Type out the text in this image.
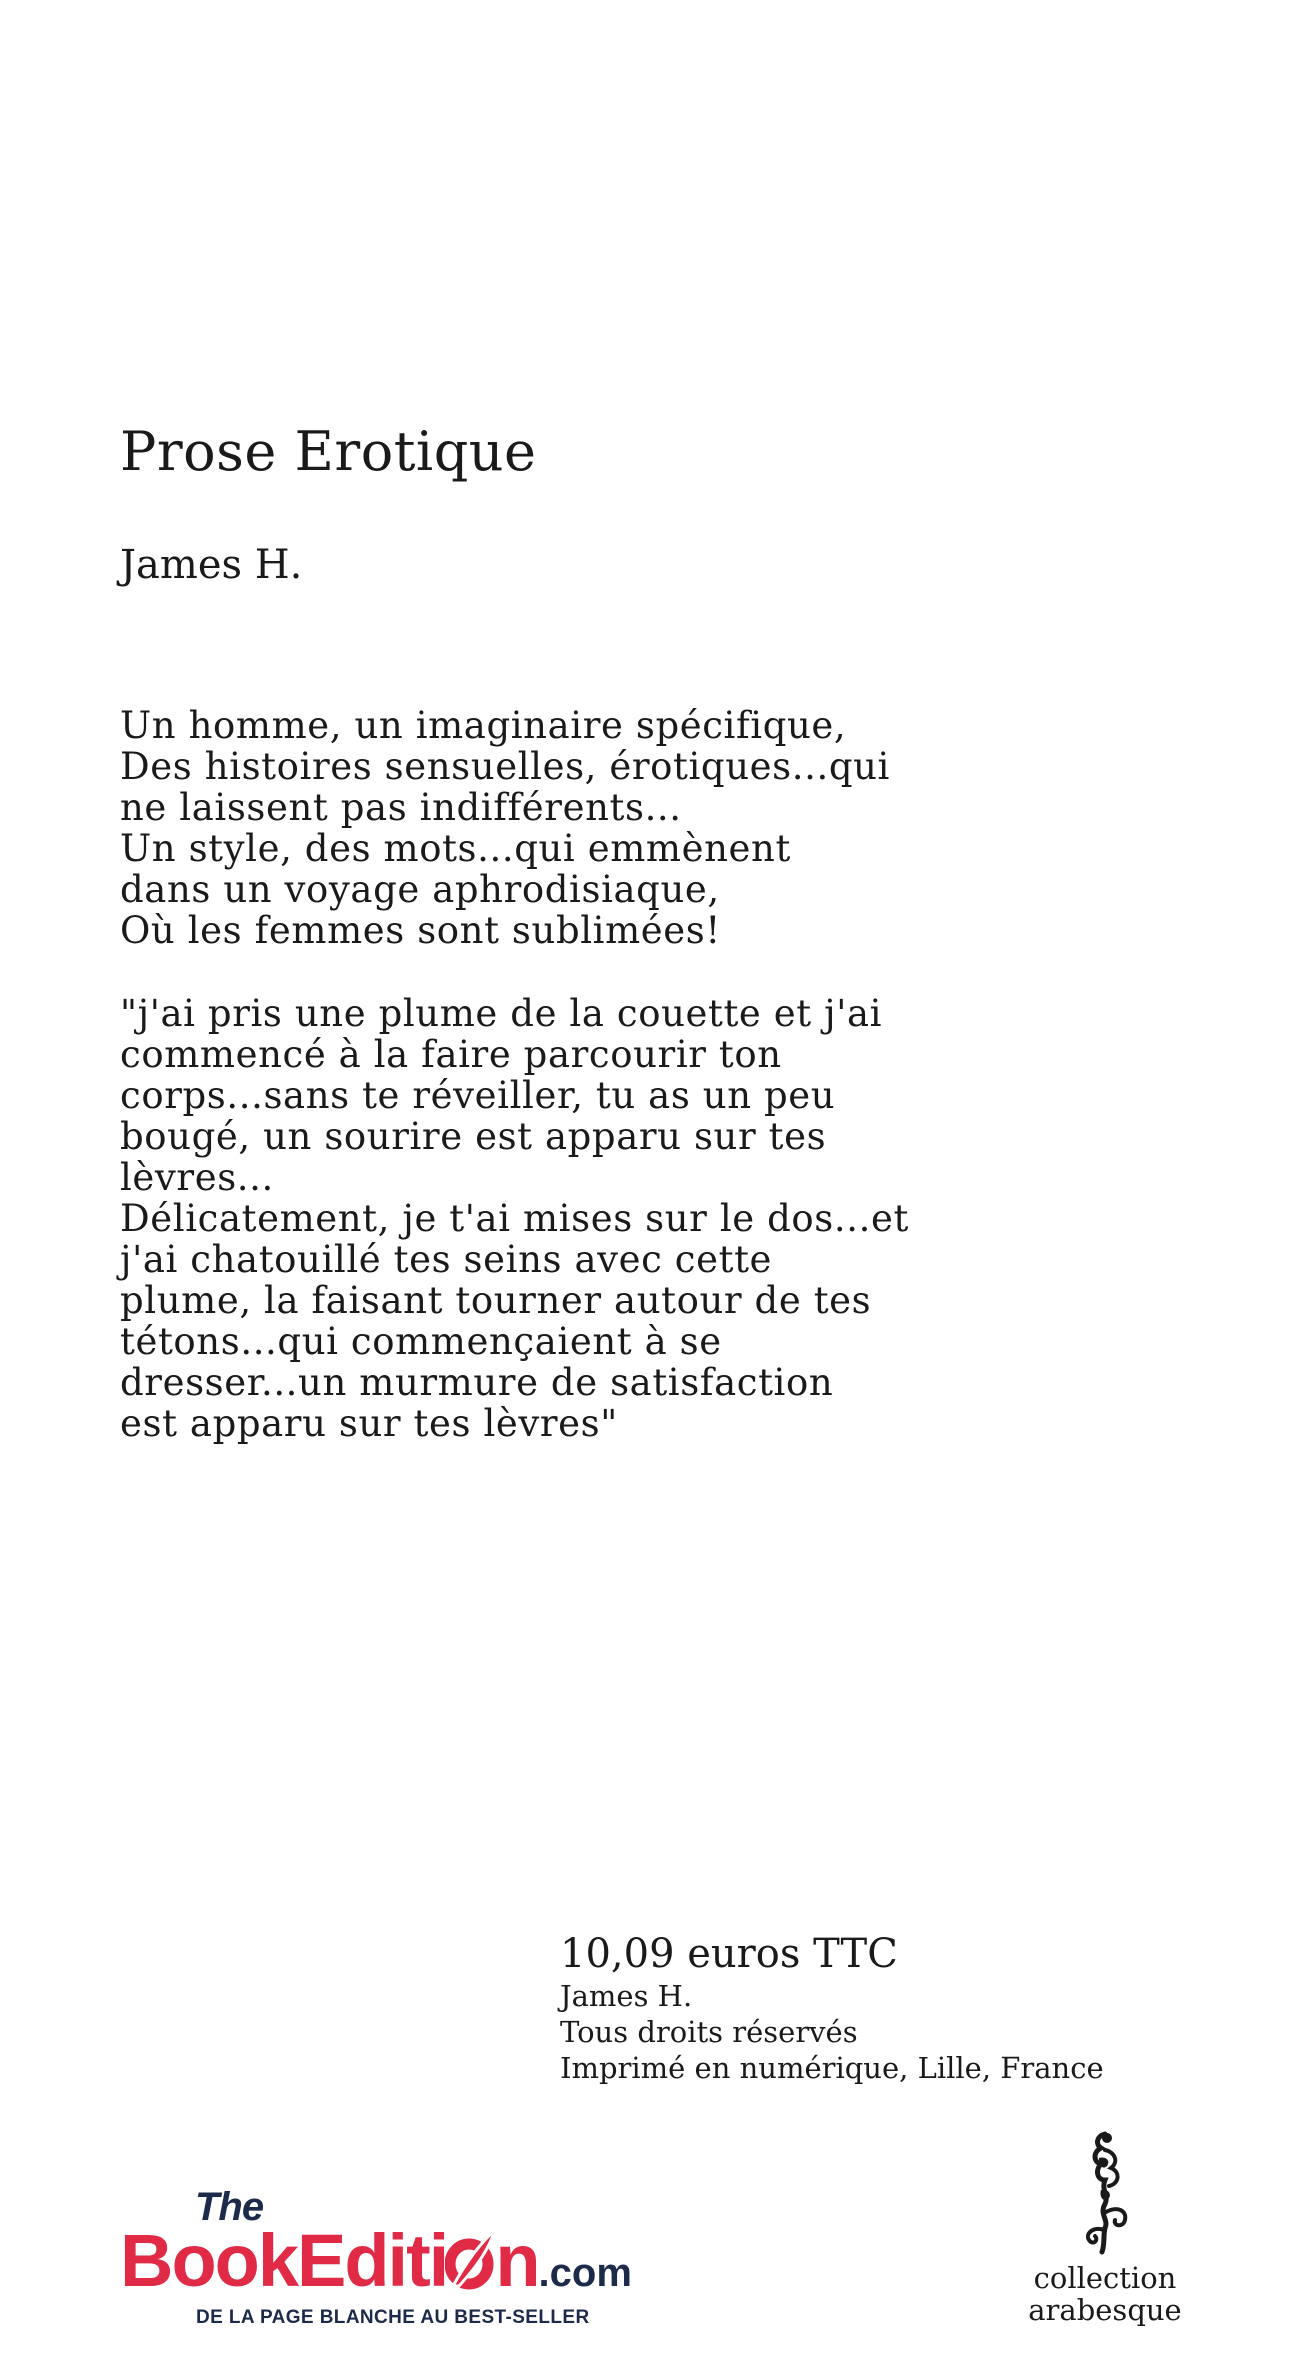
Prose Erotique
James H.

Un homme, un imaginaire spécifique,
Des histoires sensuelles, érotiques...qui
ne laissent pas indifférents...
Un style, des mots...qui emmènent
dans un voyage aphrodisiaque,
Où les femmes sont sublimées!

"j'ai pris une plume de la couette et j'ai
commencé à la faire parcourir ton
corps...sans te réveiller, tu as un peu
bougé, un sourire est apparu sur tes
lèvres...
Délicatement, je t'ai mises sur le dos...et
j'ai chatouillé tes seins avec cette
plume, la faisant tourner autour de tes
tétons...qui commençaient à se
dresser...un murmure de satisfaction
est apparu sur tes lèvres"

10,09 euros TTC
James H.
Tous droits réservés
Imprimé en numérique, Lille, France
The
BookEditi n.com
DE LA PAGE BLANCHE AU BEST-SELLER
collection
arabesque
